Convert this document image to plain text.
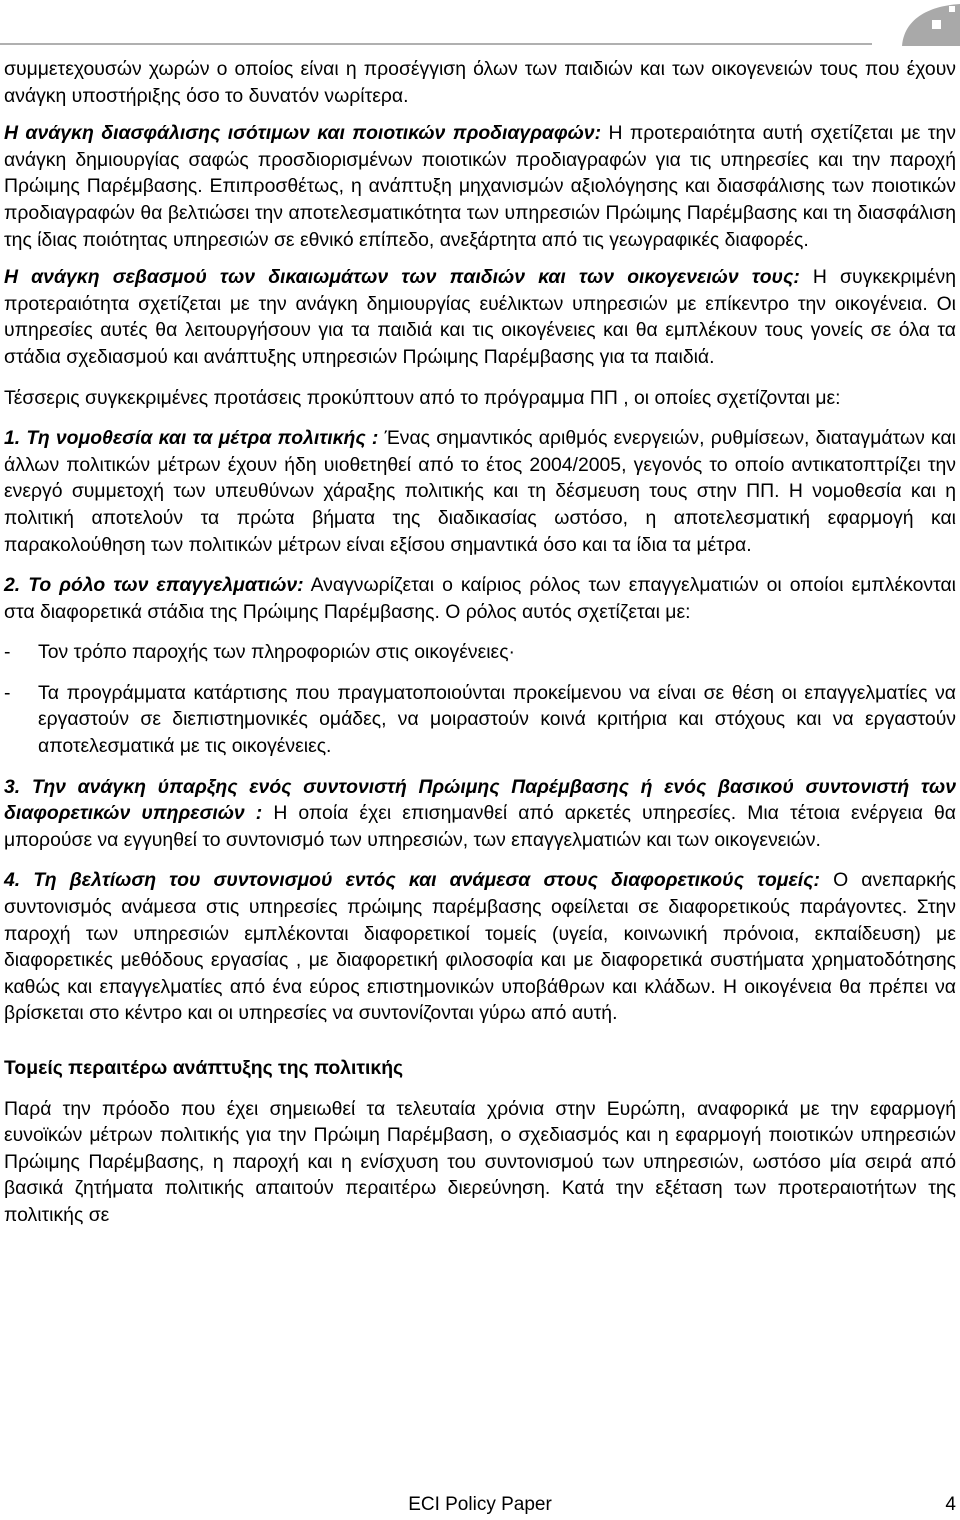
συμμετεχουσών χωρών ο οποίος είναι η προσέγγιση όλων των παιδιών και των οικογενειών τους που έχουν ανάγκη υποστήριξης όσο το δυνατόν νωρίτερα.

Η ανάγκη διασφάλισης ισότιμων και ποιοτικών προδιαγραφών: Η προτεραιότητα αυτή σχετίζεται με την ανάγκη δημιουργίας σαφώς προσδιορισμένων ποιοτικών προδιαγραφών για τις υπηρεσίες και την παροχή Πρώιμης Παρέμβασης. Επιπροσθέτως, η ανάπτυξη μηχανισμών αξιολόγησης και διασφάλισης των ποιοτικών προδιαγραφών θα βελτιώσει την αποτελεσματικότητα των υπηρεσιών Πρώιμης Παρέμβασης και τη διασφάλιση της ίδιας ποιότητας υπηρεσιών σε εθνικό επίπεδο, ανεξάρτητα από τις γεωγραφικές διαφορές.

Η ανάγκη σεβασμού των δικαιωμάτων των παιδιών και των οικογενειών τους: Η συγκεκριμένη προτεραιότητα σχετίζεται με την ανάγκη δημιουργίας ευέλικτων υπηρεσιών με επίκεντρο την οικογένεια. Οι υπηρεσίες αυτές θα λειτουργήσουν για τα παιδιά και τις οικογένειες και θα εμπλέκουν τους γονείς σε όλα τα στάδια σχεδιασμού και ανάπτυξης υπηρεσιών Πρώιμης Παρέμβασης για τα παιδιά.

Τέσσερις συγκεκριμένες προτάσεις προκύπτουν από το πρόγραμμα ΠΠ , οι οποίες σχετίζονται με:

1. Τη νομοθεσία και τα μέτρα πολιτικής : Ένας σημαντικός αριθμός ενεργειών, ρυθμίσεων, διαταγμάτων και άλλων πολιτικών μέτρων έχουν ήδη υιοθετηθεί από το έτος 2004/2005, γεγονός το οποίο αντικατοπτρίζει την ενεργό συμμετοχή των υπευθύνων χάραξης πολιτικής και τη δέσμευση τους στην ΠΠ. Η νομοθεσία και η πολιτική αποτελούν τα πρώτα βήματα της διαδικασίας ωστόσο, η αποτελεσματική εφαρμογή και παρακολούθηση των πολιτικών μέτρων είναι εξίσου σημαντικά όσο και τα ίδια τα μέτρα.

2. Το ρόλο των επαγγελματιών: Αναγνωρίζεται ο καίριος ρόλος των επαγγελματιών οι οποίοι εμπλέκονται στα διαφορετικά στάδια της Πρώιμης Παρέμβασης. Ο ρόλος αυτός σχετίζεται με:

-	Τον τρόπο παροχής των πληροφοριών στις οικογένειες·

-	Τα προγράμματα κατάρτισης που πραγματοποιούνται προκείμενου να είναι σε θέση οι επαγγελματίες να εργαστούν σε διεπιστημονικές ομάδες, να μοιραστούν κοινά κριτήρια και στόχους και να εργαστούν αποτελεσματικά με τις οικογένειες.

3. Την ανάγκη ύπαρξης ενός συντονιστή Πρώιμης Παρέμβασης ή ενός βασικού συντονιστή των διαφορετικών υπηρεσιών : Η οποία έχει επισημανθεί από αρκετές υπηρεσίες. Μια τέτοια ενέργεια θα μπορούσε να εγγυηθεί το συντονισμό των υπηρεσιών, των επαγγελματιών και των οικογενειών.

4. Τη βελτίωση του συντονισμού εντός και ανάμεσα στους διαφορετικούς τομείς: Ο ανεπαρκής συντονισμός ανάμεσα στις υπηρεσίες πρώιμης παρέμβασης οφείλεται σε διαφορετικούς παράγοντες. Στην παροχή των υπηρεσιών εμπλέκονται διαφορετικοί τομείς (υγεία, κοινωνική πρόνοια, εκπαίδευση) με διαφορετικές μεθόδους εργασίας , με διαφορετική φιλοσοφία και με διαφορετικά συστήματα χρηματοδότησης καθώς και επαγγελματίες από ένα εύρος επιστημονικών υποβάθρων και κλάδων. Η οικογένεια θα πρέπει να βρίσκεται στο κέντρο και οι υπηρεσίες να συντονίζονται γύρω από αυτή.

Τομείς περαιτέρω ανάπτυξης της πολιτικής

Παρά την πρόοδο που έχει σημειωθεί τα τελευταία χρόνια στην Ευρώπη, αναφορικά με την εφαρμογή ευνοϊκών μέτρων πολιτικής για την Πρώιμη Παρέμβαση, ο σχεδιασμός και η εφαρμογή ποιοτικών υπηρεσιών Πρώιμης Παρέμβασης, η παροχή και η ενίσχυση του συντονισμού των υπηρεσιών, ωστόσο μία σειρά από βασικά ζητήματα πολιτικής απαιτούν περαιτέρω διερεύνηση. Κατά την εξέταση των προτεραιοτήτων της πολιτικής σε

ECI Policy Paper	4
